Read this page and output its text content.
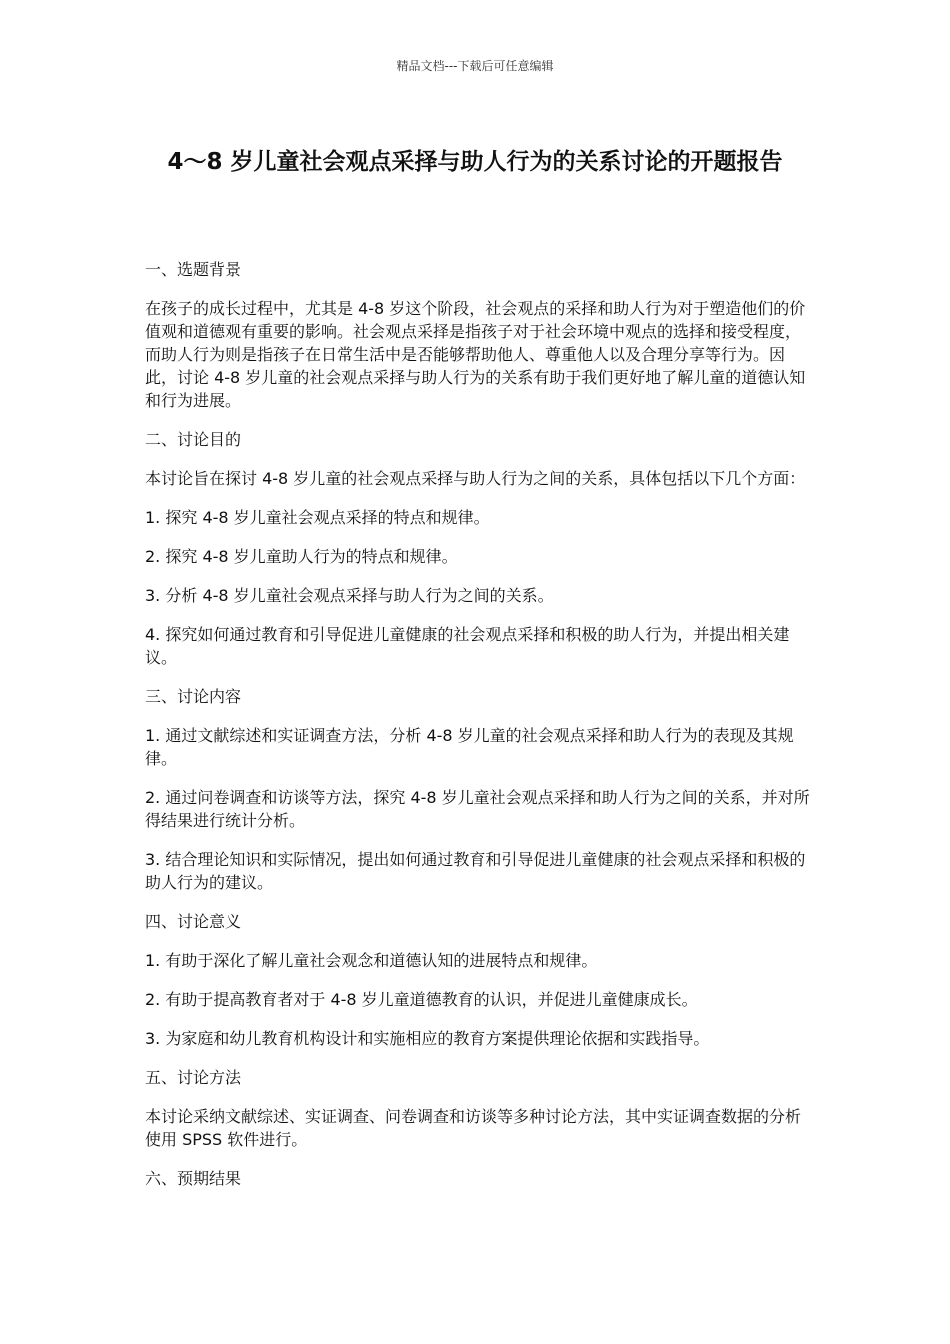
精品文档---下载后可任意编辑
4～8 岁儿童社会观点采择与助人行为的关系讨论的开题报告

一、选题背景

在孩子的成长过程中，尤其是 4-8 岁这个阶段，社会观点的采择和助人行为对于塑造他们的价值观和道德观有重要的影响。社会观点采择是指孩子对于社会环境中观点的选择和接受程度，而助人行为则是指孩子在日常生活中是否能够帮助他人、尊重他人以及合理分享等行为。因此，讨论 4-8 岁儿童的社会观点采择与助人行为的关系有助于我们更好地了解儿童的道德认知和行为进展。

二、讨论目的

本讨论旨在探讨 4-8 岁儿童的社会观点采择与助人行为之间的关系，具体包括以下几个方面：

1. 探究 4-8 岁儿童社会观点采择的特点和规律。

2. 探究 4-8 岁儿童助人行为的特点和规律。

3. 分析 4-8 岁儿童社会观点采择与助人行为之间的关系。

4. 探究如何通过教育和引导促进儿童健康的社会观点采择和积极的助人行为，并提出相关建议。

三、讨论内容

1. 通过文献综述和实证调查方法，分析 4-8 岁儿童的社会观点采择和助人行为的表现及其规律。

2. 通过问卷调查和访谈等方法，探究 4-8 岁儿童社会观点采择和助人行为之间的关系，并对所得结果进行统计分析。

3. 结合理论知识和实际情况，提出如何通过教育和引导促进儿童健康的社会观点采择和积极的助人行为的建议。

四、讨论意义

1. 有助于深化了解儿童社会观念和道德认知的进展特点和规律。

2. 有助于提高教育者对于 4-8 岁儿童道德教育的认识，并促进儿童健康成长。

3. 为家庭和幼儿教育机构设计和实施相应的教育方案提供理论依据和实践指导。

五、讨论方法

本讨论采纳文献综述、实证调查、问卷调查和访谈等多种讨论方法，其中实证调查数据的分析使用 SPSS 软件进行。

六、预期结果
